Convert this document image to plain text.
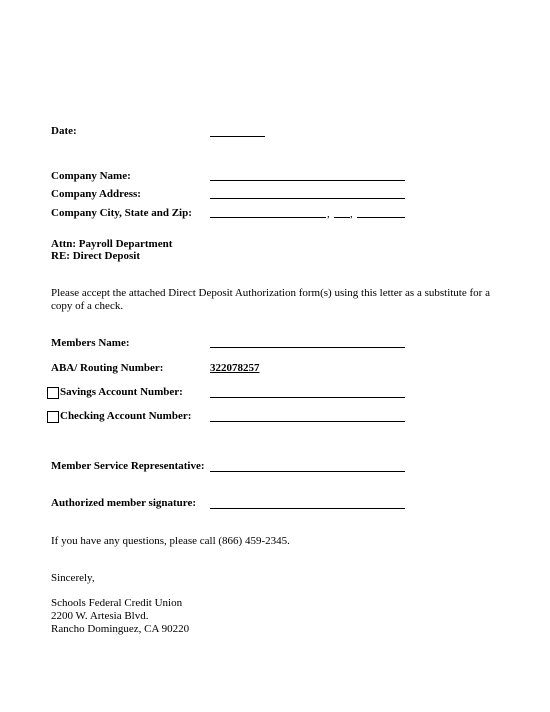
Date:
Company Name:
Company Address:
Company City, State and Zip:	, ,
Attn: Payroll Department
RE: Direct Deposit
Please accept the attached Direct Deposit Authorization form(s) using this letter as a substitute for a copy of a check.
Members Name:
ABA/ Routing Number:	322078257
Savings Account Number:
Checking Account Number:
Member Service Representative:
Authorized member signature:
If you have any questions, please call (866) 459-2345.
Sincerely,
Schools Federal Credit Union
2200 W. Artesia Blvd.
Rancho Dominguez, CA 90220
